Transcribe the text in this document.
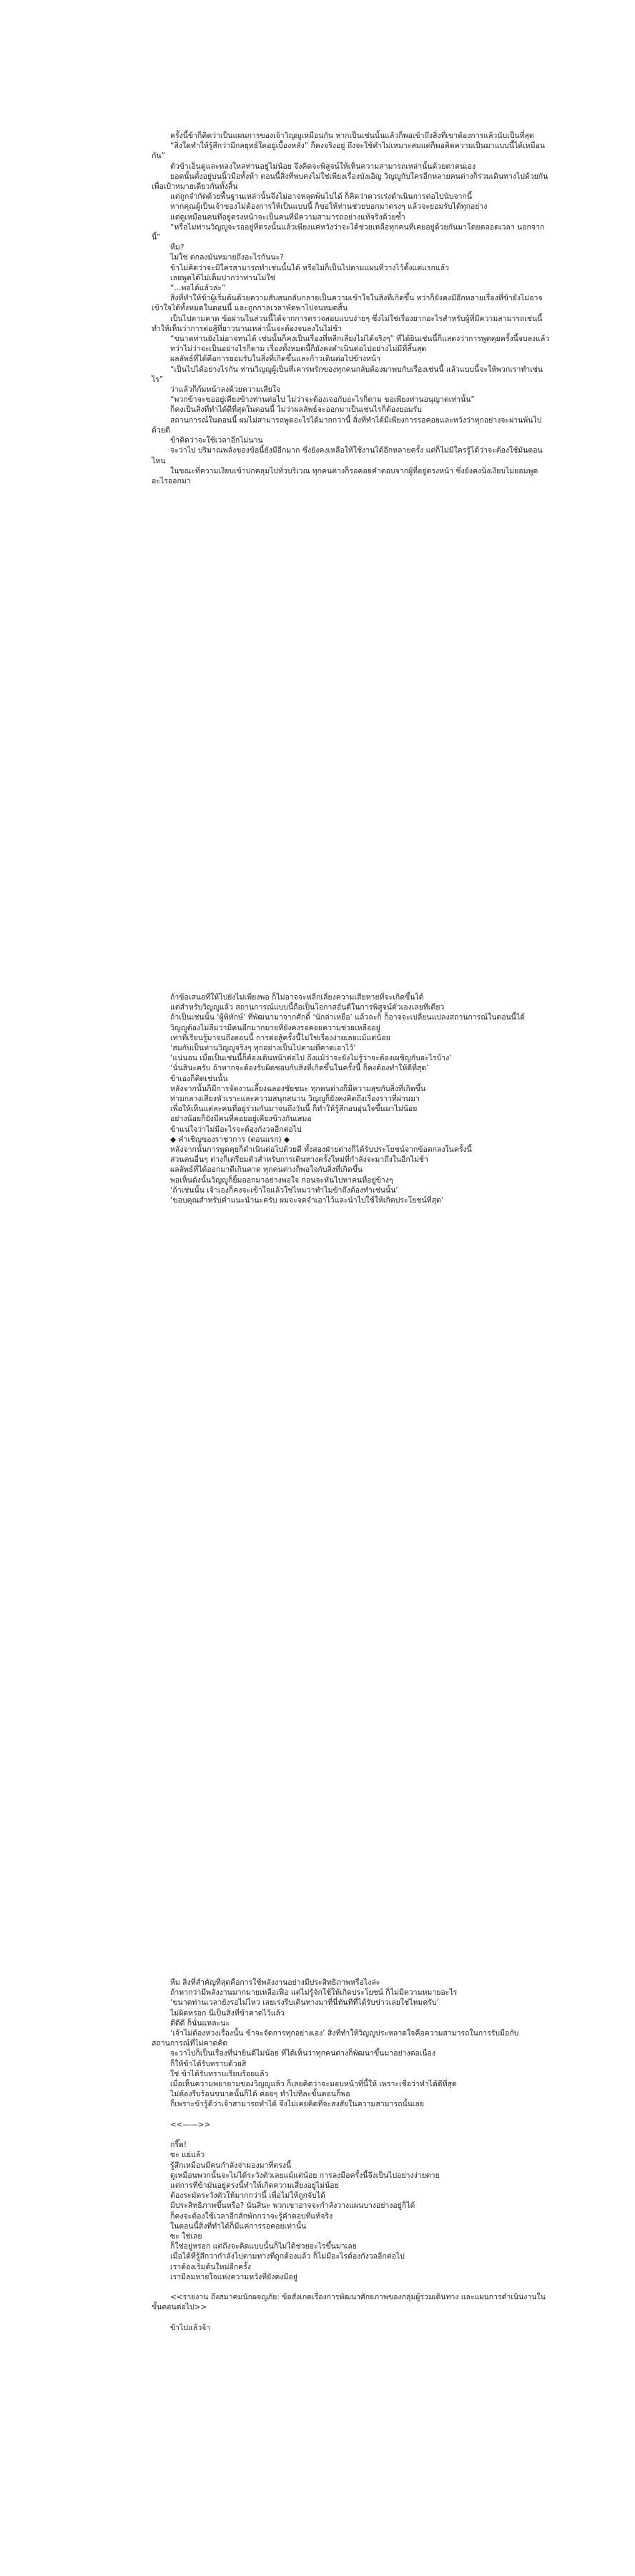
ครั้งนี้ข้าก็คิดว่าเป็นแผนการของเจ้าวิญญูเหมือนกัน หากเป็นเช่นนั้นแล้วก็พอเข้าถึงสิ่งที่เขาต้องการแล้วนับเป็นที่สุด

“สิ่งใดทำให้รู้สึกว่ามีกลยุทธ์ใดอยู่เบื้องหลัง” ก็คงจริงอยู่ ถึงจะใช้คำไม่เหมาะสมแต่ก็พอคิดความเป็นมาแบบนี้ได้เหมือนกัน”

ตัวข้าเอ็นดูและหลงใหลท่านอยู่ไม่น้อย จึงคิดจะพิสูจน์ให้เห็นความสามารถเหล่านั้นด้วยตาตนเอง

ยอดนั้นตั้งอยู่บนนิ้วมือทั้งห้า ตอนนี้สิ่งที่พบคงไม่ใช่เพียงเรื่องบังเอิญ วิญญูกับใครอีกหลายคนต่างก็ร่วมเดินทางไปด้วยกัน เพื่อเป้าหมายเดียวกันทั้งสิ้น

แต่ถูกจำกัดด้วยพื้นฐานเหล่านั้นจึงไม่อาจหลุดพ้นไปได้ ก็คิดว่าควรเร่งดำเนินการต่อไปนับจากนี้

หากคุณผู้เป็นเจ้าของไม่ต้องการให้เป็นแบบนี้ ก็ขอให้ท่านช่วยบอกมาตรงๆ แล้วจะยอมรับได้ทุกอย่าง

แต่ดูเหมือนคนที่อยู่ตรงหน้าจะเป็นคนที่มีความสามารถอย่างแท้จริงด้วยซ้ำ

“หรือไม่ท่านวิญญูจะรออยู่ที่ตรงนั้นแล้วเพียงแค่หวังว่าจะได้ช่วยเหลือทุกคนที่เคยอยู่ด้วยกันมาโดยตลอดเวลา นอกจากนี้”

หืม?

ไม่ใช่ ตกลงมันหมายถึงอะไรกันนะ?

ข้าไม่คิดว่าจะมีใครสามารถทำเช่นนั้นได้ หรือไม่ก็เป็นไปตามแผนที่วางไว้ตั้งแต่แรกแล้ว

เลยพูดได้ไม่เต็มปากว่าท่านไม่ใช่

“...พอได้แล้วล่ะ”

สิ่งที่ทำให้ข้าผู้เริ่มต้นด้วยความสับสนกลับกลายเป็นความเข้าใจในสิ่งที่เกิดขึ้น ทว่าก็ยังคงมีอีกหลายเรื่องที่ข้ายังไม่อาจเข้าใจได้ทั้งหมดในตอนนี้ และถูกกาลเวลาพัดพาไปจนหมดสิ้น

เป็นไปตามคาด ข้อผ่านในส่วนนี้ได้จากการตรวจสอบแบบง่ายๆ ซึ่งไม่ใช่เรื่องยากอะไรสำหรับผู้ที่มีความสามารถเช่นนี้ ทำให้เห็นว่าการต่อสู้ที่ยาวนานเหล่านั้นจะต้องจบลงในไม่ช้า

“ขนาดท่านยังไม่อาจทนได้ เช่นนั้นก็คงเป็นเรื่องที่หลีกเลี่ยงไม่ได้จริงๆ” ที่ได้ยินเช่นนี้ก็แสดงว่าการพูดคุยครั้งนี้จบลงแล้ว

ทว่าไม่ว่าจะเป็นอย่างไรก็ตาม เรื่องทั้งหมดนี้ก็ยังคงดำเนินต่อไปอย่างไม่มีที่สิ้นสุด

ผลลัพธ์ที่ได้คือการยอมรับในสิ่งที่เกิดขึ้นและก้าวเดินต่อไปข้างหน้า

“เป็นไปได้อย่างไรกัน ท่านวิญญูผู้เป็นที่เคารพรักของทุกคนกลับต้องมาพบกับเรื่องเช่นนี้ แล้วแบบนี้จะให้พวกเราทำเช่นไร”

ว่าแล้วก็ก้มหน้าลงด้วยความเสียใจ

“พวกข้าจะขออยู่เคียงข้างท่านต่อไป ไม่ว่าจะต้องเจอกับอะไรก็ตาม ขอเพียงท่านอนุญาตเท่านั้น”

ก็คงเป็นสิ่งที่ทำได้ดีที่สุดในตอนนี้ ไม่ว่าผลลัพธ์จะออกมาเป็นเช่นไรก็ต้องยอมรับ

สถานการณ์ในตอนนี้ ผมไม่สามารถพูดอะไรได้มากกว่านี้ สิ่งที่ทำได้มีเพียงการรอคอยและหวังว่าทุกอย่างจะผ่านพ้นไปด้วยดี

ข้าคิดว่าจะใช้เวลาอีกไม่นาน

จะว่าไป ปริมาณพลังของข้อนี้ยังมีอีกมาก ซึ่งยังคงเหลือให้ใช้งานได้อีกหลายครั้ง แต่ก็ไม่มีใครรู้ได้ว่าจะต้องใช้มันตอนไหน

ในขณะที่ความเงียบเข้าปกคลุมไปทั่วบริเวณ ทุกคนต่างก็รอคอยคำตอบจากผู้ที่อยู่ตรงหน้า ซึ่งยังคงนิ่งเงียบไม่ยอมพูดอะไรออกมา

ถ้าข้อเสนอที่ให้ไปยังไม่เพียงพอ ก็ไม่อาจจะหลีกเลี่ยงความเสียหายที่จะเกิดขึ้นได้

แต่สำหรับวิญญูแล้ว สถานการณ์แบบนี้ถือเป็นโอกาสอันดีในการพิสูจน์ตัวเองเลยทีเดียว

ถ้าเป็นเช่นนั้น ‘ผู้พิทักษ์’ ที่พัฒนามาจากศักดิ์ ‘นักล่าเหยื่อ’ แล้วละก็ ก็อาจจะเปลี่ยนแปลงสถานการณ์ในตอนนี้ได้

วิญญูต้องไม่ลืมว่ามีคนอีกมากมายที่ยังคงรอคอยความช่วยเหลืออยู่

เท่าที่เรียนรู้มาจนถึงตอนนี้ การต่อสู้ครั้งนี้ไม่ใช่เรื่องง่ายเลยแม้แต่น้อย

‘สมกับเป็นท่านวิญญูจริงๆ ทุกอย่างเป็นไปตามที่คาดเอาไว้’

‘แน่นอน เมื่อเป็นเช่นนี้ก็ต้องเดินหน้าต่อไป ถึงแม้ว่าจะยังไม่รู้ว่าจะต้องเผชิญกับอะไรบ้าง’

‘นั่นสินะครับ ถ้าหากจะต้องรับผิดชอบกับสิ่งที่เกิดขึ้นในครั้งนี้ ก็คงต้องทำให้ดีที่สุด’

ข้าเองก็คิดเช่นนั้น

หลังจากนั้นก็มีการจัดงานเลี้ยงฉลองชัยชนะ ทุกคนต่างก็มีความสุขกับสิ่งที่เกิดขึ้น

ท่ามกลางเสียงหัวเราะและความสนุกสนาน วิญญูก็ยังคงคิดถึงเรื่องราวที่ผ่านมา

เพื่อให้เห็นแต่ละคนที่อยู่ร่วมกันมาจนถึงวันนี้ ก็ทำให้รู้สึกอบอุ่นใจขึ้นมาไม่น้อย

อย่างน้อยก็ยังมีคนที่คอยอยู่เคียงข้างกันเสมอ

ข้าแน่ใจว่าไม่มีอะไรจะต้องกังวลอีกต่อไป

◆ คำเชิญของราชาการ (ตอนแรก) ◆

หลังจากนั้นการพูดคุยก็ดำเนินต่อไปด้วยดี ทั้งสองฝ่ายต่างก็ได้รับประโยชน์จากข้อตกลงในครั้งนี้

ส่วนคนอื่นๆ ต่างก็เตรียมตัวสำหรับการเดินทางครั้งใหม่ที่กำลังจะมาถึงในอีกไม่ช้า

ผลลัพธ์ที่ได้ออกมาดีเกินคาด ทุกคนต่างก็พอใจกับสิ่งที่เกิดขึ้น

พอเห็นดังนั้นวิญญูก็ยิ้มออกมาอย่างพอใจ ก่อนจะหันไปหาคนที่อยู่ข้างๆ

‘ถ้าเช่นนั้น เจ้าเองก็คงจะเข้าใจแล้วใช่ไหมว่าทำไมข้าถึงต้องทำเช่นนั้น’

‘ขอบคุณสำหรับคำแนะนำนะครับ ผมจะจดจำเอาไว้และนำไปใช้ให้เกิดประโยชน์ที่สุด’

หืม สิ่งที่สำคัญที่สุดคือการใช้พลังงานอย่างมีประสิทธิภาพหรือไงล่ะ

ถ้าหากว่ามีพลังงานมากมายเหลือเฟือ แต่ไม่รู้จักใช้ให้เกิดประโยชน์ ก็ไม่มีความหมายอะไร

‘ขนาดท่านเวลายังรอไม่ไหว เลยเร่งรีบเดินทางมาที่นี่ทันทีที่ได้รับข่าวเลยใช่ไหมครับ’

ไม่ผิดหรอก นี่เป็นสิ่งที่ข้าคาดไว้แล้ว

ดีดีดี ก็นั่นแหละนะ

‘เจ้าไม่ต้องห่วงเรื่องนั้น ข้าจะจัดการทุกอย่างเอง’ สิ่งที่ทำให้วิญญูประหลาดใจคือความสามารถในการรับมือกับสถานการณ์ที่ไม่คาดคิด

จะว่าไปก็เป็นเรื่องที่น่ายินดีไม่น้อย ที่ได้เห็นว่าทุกคนต่างก็พัฒนาขึ้นมาอย่างต่อเนื่อง

ก็ให้ข้าได้รับทราบด้วยสิ

ใช่ ข้าได้รับทราบเรียบร้อยแล้ว

เมื่อเห็นความพยายามของวิญญูแล้ว ก็เลยคิดว่าจะมอบหน้าที่นี้ให้ เพราะเชื่อว่าทำได้ดีที่สุด

ไม่ต้องรีบร้อนขนาดนั้นก็ได้ ค่อยๆ ทำไปทีละขั้นตอนก็พอ

ก็เพราะข้ารู้ดีว่าเจ้าสามารถทำได้ จึงไม่เคยคิดที่จะสงสัยในความสามารถนั้นเลย

<<——>>

กรี๊ด!

ซะ แย่แล้ว

รู้สึกเหมือนมีคนกำลังจ่ามองมาที่ตรงนี้

ดูเหมือนพวกนั้นจะไม่ได้ระวังตัวเลยแม้แต่น้อย การลงมือครั้งนี้จึงเป็นไปอย่างง่ายดาย

แต่การที่ข้ามันอยู่ตรงนี้ทำให้เกิดความเสี่ยงอยู่ไม่น้อย

ต้องระมัดระวังตัวให้มากกว่านี้ เพื่อไม่ให้ถูกจับได้

มีประสิทธิภาพขึ้นหรือ? นั่นสินะ พวกเขาอาจจะกำลังวางแผนบางอย่างอยู่ก็ได้

ก็คงจะต้องใช้เวลาอีกสักพักกว่าจะรู้คำตอบที่แท้จริง

ในตอนนี้สิ่งที่ทำได้ก็มีแค่การรอคอยเท่านั้น

ซะ ใช่เลย

ก็ใช่อยู่หรอก แต่ถึงจะคิดแบบนั้นก็ไม่ได้ช่วยอะไรขึ้นมาเลย

เมื่อได้ที่รู้สึกว่ากำลังไปตามทางที่ถูกต้องแล้ว ก็ไม่มีอะไรต้องกังวลอีกต่อไป

เราต้องเริ่มต้นใหม่อีกครั้ง

เรามีลมหายใจแห่งความหวังที่ยังคงมีอยู่

<<รายงาน ถึงสมาคมนักผจญภัย: ข้อสังเกตเรื่องการพัฒนาศักยภาพของกลุ่มผู้ร่วมเดินทาง และแผนการดำเนินงานในขั้นตอนต่อไป>>

ข้าไปแล้วจ้า
